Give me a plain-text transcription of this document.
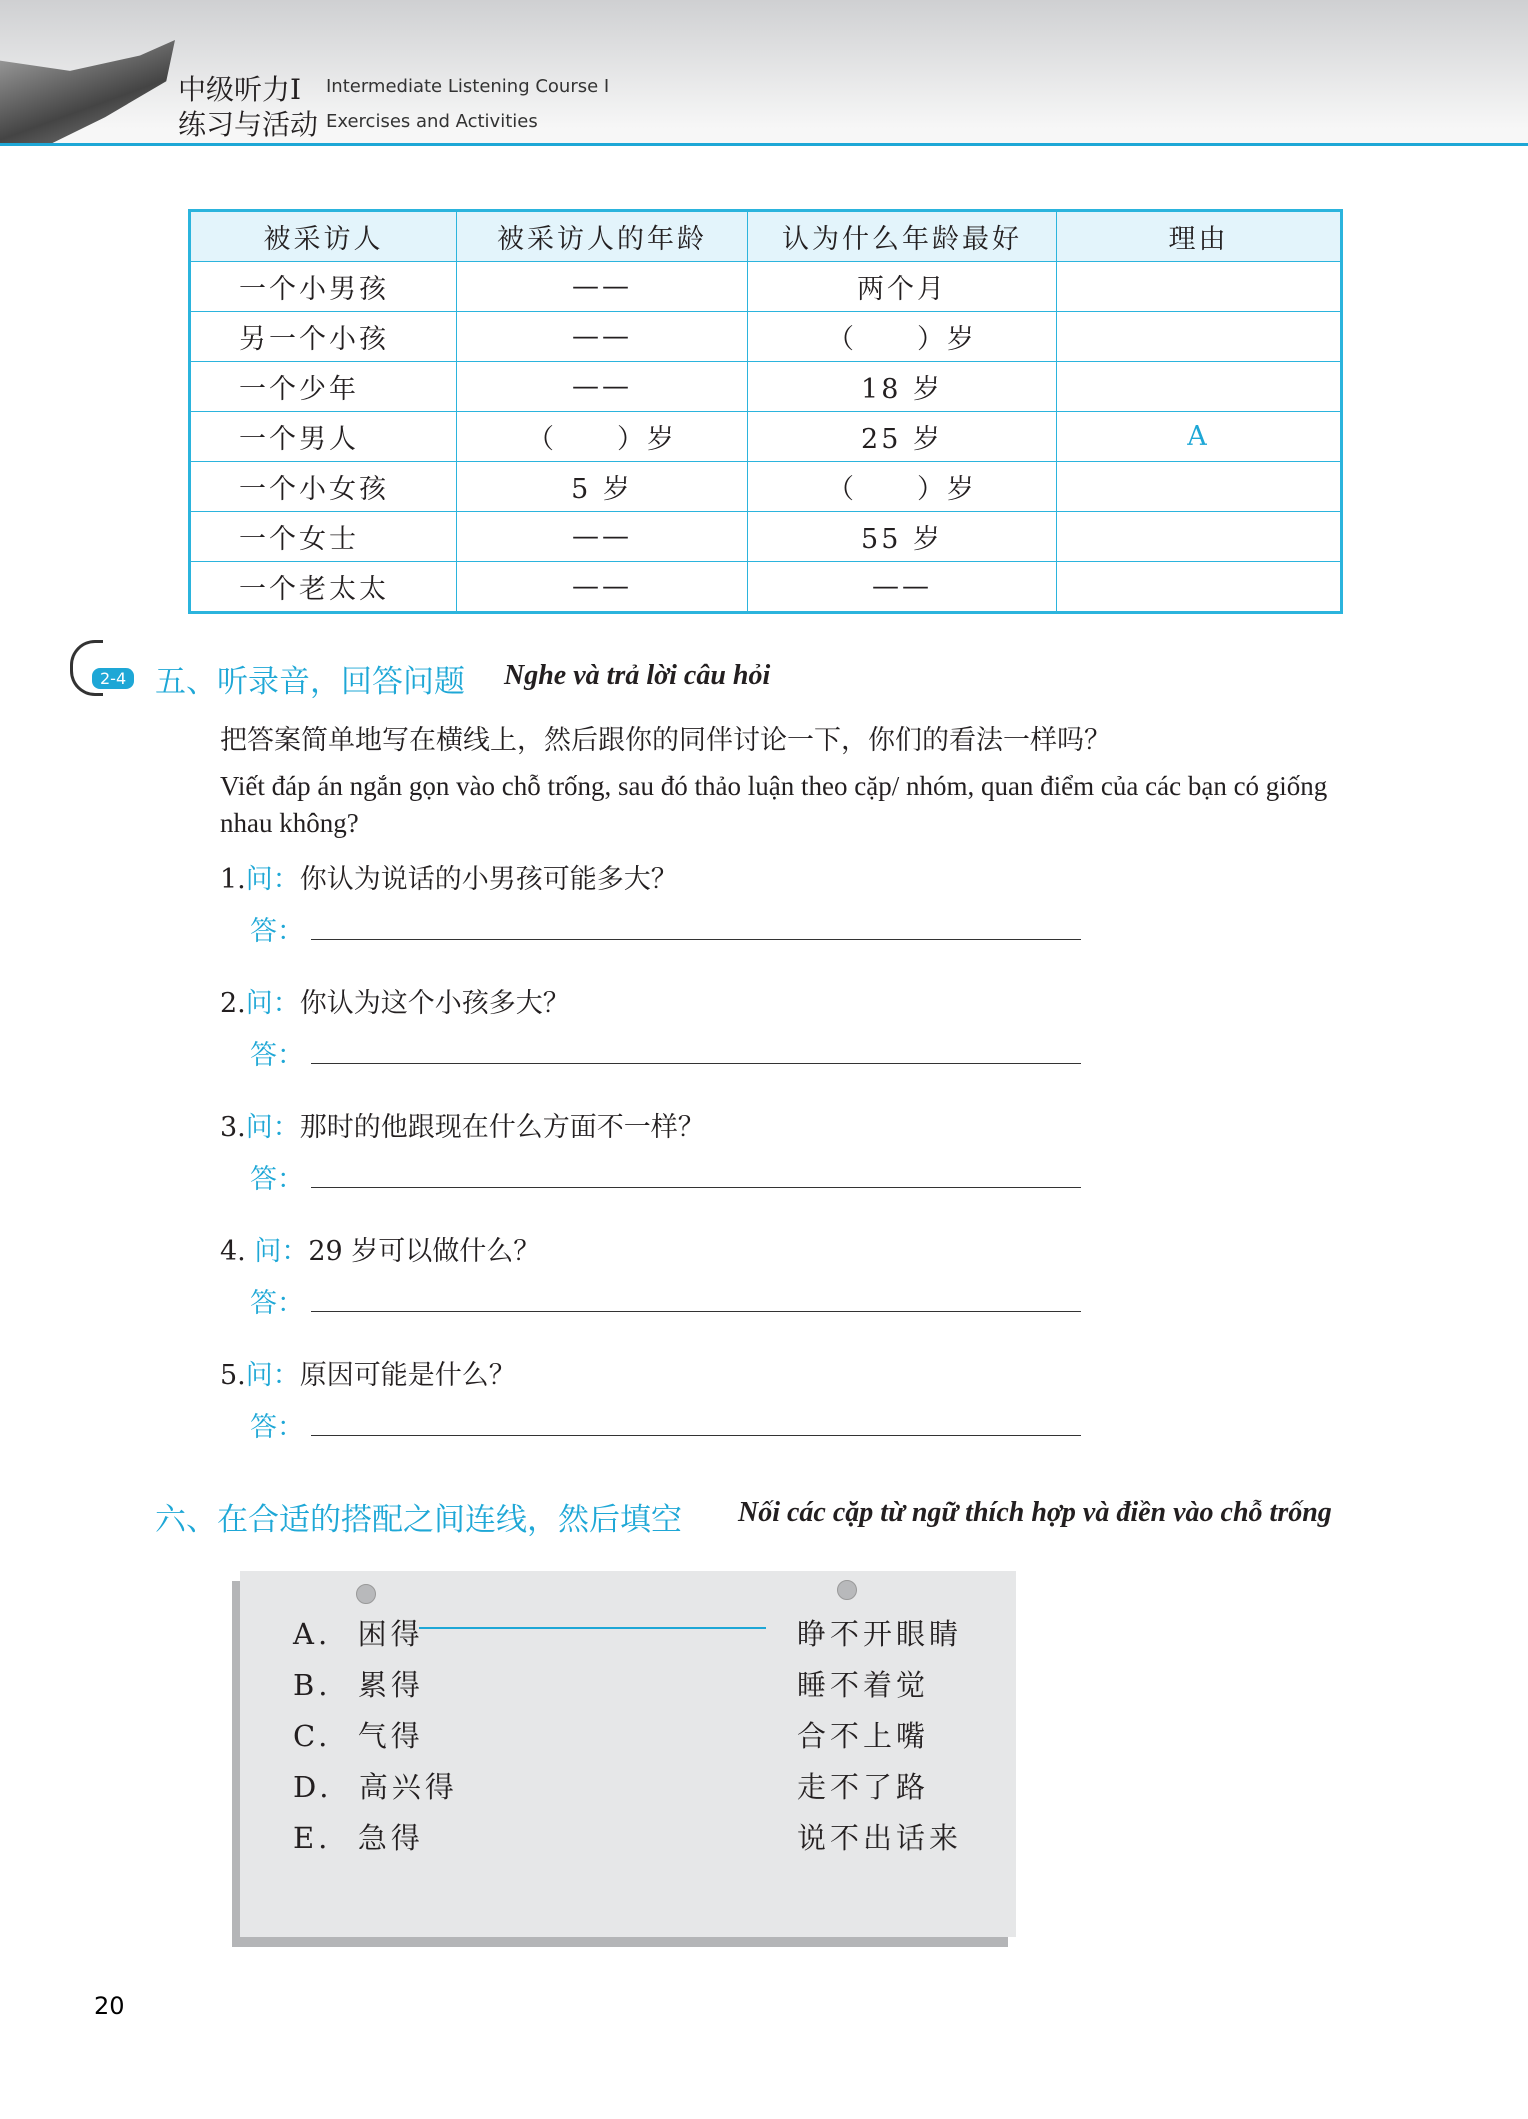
中级听力Ⅰ Intermediate Listening Course Ⅰ
练习与活动 Exercises and Activities
被采访人	被采访人的年龄	认为什么年龄最好	理由
一个小男孩	——	两个月	
另一个小孩	——	（　　）岁	
一个少年	——	18 岁	
一个男人	（　　）岁	25 岁	A
一个小女孩	5 岁	（　　）岁	
一个女士	——	55 岁	
一个老太太	——	——	
2-4 五、听录音，回答问题 Nghe và trả lời câu hỏi
把答案简单地写在横线上，然后跟你的同伴讨论一下，你们的看法一样吗？
Viết đáp án ngắn gọn vào chỗ trống, sau đó thảo luận theo cặp/ nhóm, quan điểm của các bạn có giống
nhau không?
1.问：你认为说话的小男孩可能多大？
答：
2.问：你认为这个小孩多大？
答：
3.问：那时的他跟现在什么方面不一样？
答：
4. 问：29 岁可以做什么？
答：
5.问：原因可能是什么？
答：
六、在合适的搭配之间连线，然后填空 Nối các cặp từ ngữ thích hợp và điền vào chỗ trống
A.  困得	睁不开眼睛
B.  累得	睡不着觉
C.  气得	合不上嘴
D.  高兴得	走不了路
E.  急得	说不出话来
20
